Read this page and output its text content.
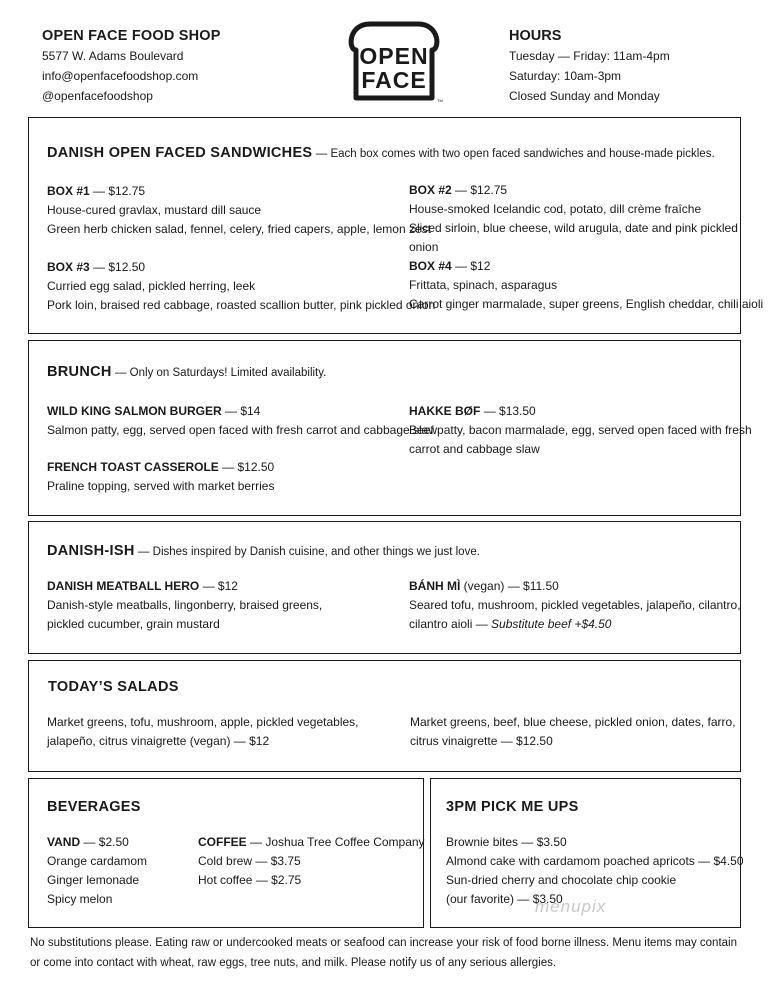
OPEN FACE FOOD SHOP
5577 W. Adams Boulevard
info@openfacefoodshop.com
@openfacefoodshop
OPEN
FACE
TM
HOURS
Tuesday — Friday: 11am-4pm
Saturday: 10am-3pm
Closed Sunday and Monday
DANISH OPEN FACED SANDWICHES — Each box comes with two open faced sandwiches and house-made pickles.
BOX #1 — $12.75
House-cured gravlax, mustard dill sauce
Green herb chicken salad, fennel, celery, fried capers, apple, lemon zest
BOX #2 — $12.75
House-smoked Icelandic cod, potato, dill crème fraîche
Sliced sirloin, blue cheese, wild arugula, date and pink pickled onion
BOX #3 — $12.50
Curried egg salad, pickled herring, leek
Pork loin, braised red cabbage, roasted scallion butter, pink pickled onion
BOX #4 — $12
Frittata, spinach, asparagus
Carrot ginger marmalade, super greens, English cheddar, chili aioli
BRUNCH — Only on Saturdays! Limited availability.
WILD KING SALMON BURGER — $14
Salmon patty, egg, served open faced with fresh carrot and cabbage slaw
HAKKE BØF — $13.50
Beef patty, bacon marmalade, egg, served open faced with fresh
carrot and cabbage slaw
FRENCH TOAST CASSEROLE — $12.50
Praline topping, served with market berries
DANISH-ISH — Dishes inspired by Danish cuisine, and other things we just love.
DANISH MEATBALL HERO — $12
Danish-style meatballs, lingonberry, braised greens,
pickled cucumber, grain mustard
BÁNH MÌ (vegan) — $11.50
Seared tofu, mushroom, pickled vegetables, jalapeño, cilantro,
cilantro aioli — Substitute beef +$4.50
TODAY’S SALADS
Market greens, tofu, mushroom, apple, pickled vegetables,
jalapeño, citrus vinaigrette (vegan) — $12
Market greens, beef, blue cheese, pickled onion, dates, farro,
citrus vinaigrette — $12.50
BEVERAGES
VAND — $2.50
Orange cardamom
Ginger lemonade
Spicy melon
COFFEE — Joshua Tree Coffee Company
Cold brew — $3.75
Hot coffee — $2.75
3PM PICK ME UPS
Brownie bites — $3.50
Almond cake with cardamom poached apricots — $4.50
Sun-dried cherry and chocolate chip cookie
(our favorite) — $3.50
menupix
No substitutions please. Eating raw or undercooked meats or seafood can increase your risk of food borne illness. Menu items may contain or come into contact with wheat, raw eggs, tree nuts, and milk. Please notify us of any serious allergies.
